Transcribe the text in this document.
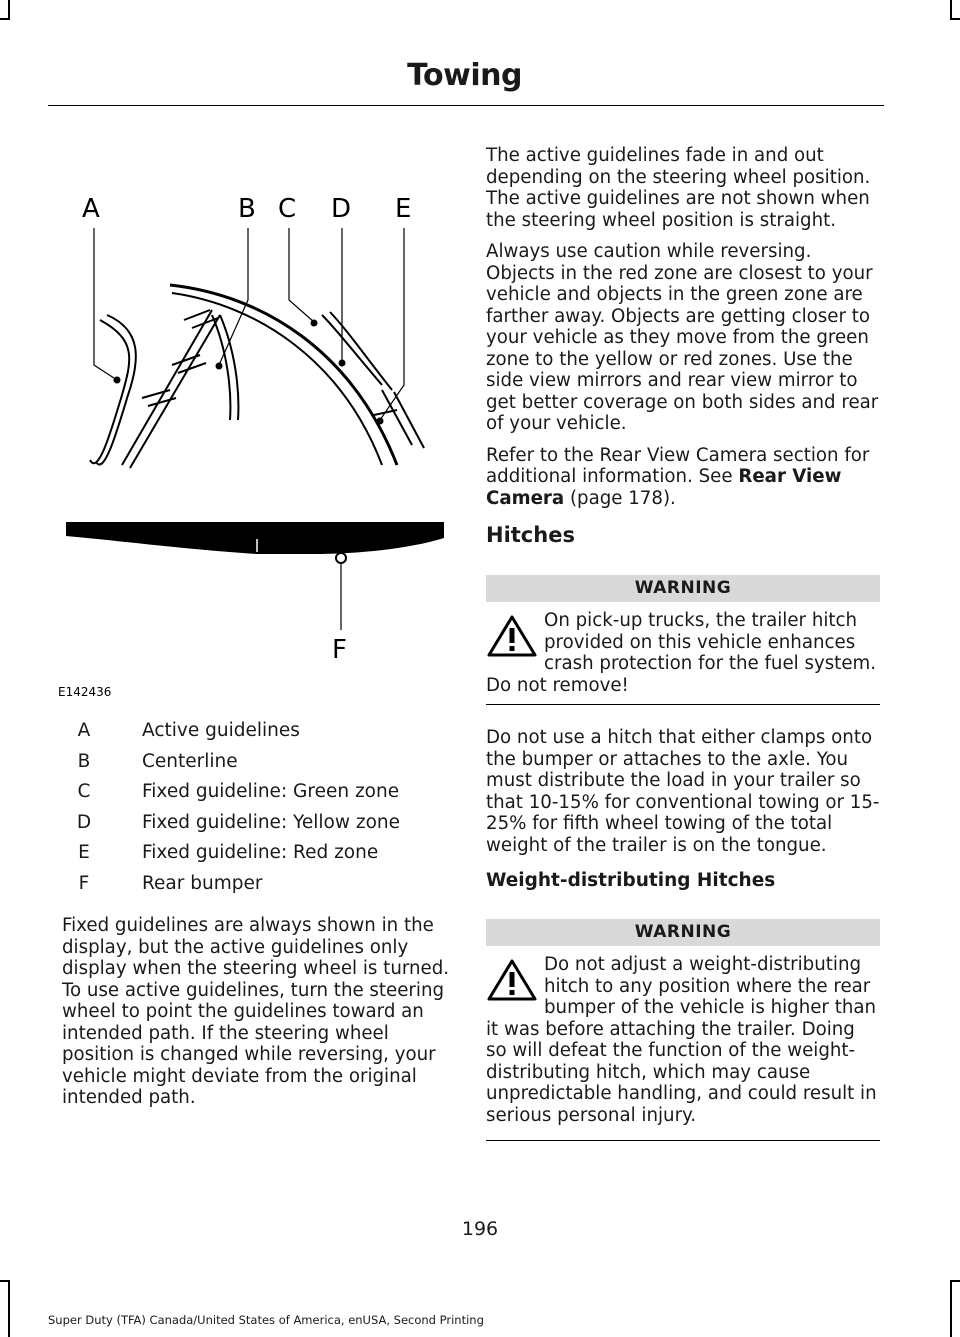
Towing
A	B C D E
F
E142436
A	Active guidelines
B	Centerline
C	Fixed guideline: Green zone
D	Fixed guideline: Yellow zone
E	Fixed guideline: Red zone
F	Rear bumper

Fixed guidelines are always shown in the display, but the active guidelines only display when the steering wheel is turned. To use active guidelines, turn the steering wheel to point the guidelines toward an intended path. If the steering wheel position is changed while reversing, your vehicle might deviate from the original intended path.

The active guidelines fade in and out depending on the steering wheel position. The active guidelines are not shown when the steering wheel position is straight.

Always use caution while reversing. Objects in the red zone are closest to your vehicle and objects in the green zone are farther away. Objects are getting closer to your vehicle as they move from the green zone to the yellow or red zones. Use the side view mirrors and rear view mirror to get better coverage on both sides and rear of your vehicle.

Refer to the Rear View Camera section for additional information. See Rear View Camera (page 178).

Hitches
WARNING
On pick-up trucks, the trailer hitch provided on this vehicle enhances crash protection for the fuel system. Do not remove!

Do not use a hitch that either clamps onto the bumper or attaches to the axle. You must distribute the load in your trailer so that 10-15% for conventional towing or 15-25% for fifth wheel towing of the total weight of the trailer is on the tongue.

Weight-distributing Hitches
WARNING
Do not adjust a weight-distributing hitch to any position where the rear bumper of the vehicle is higher than it was before attaching the trailer. Doing so will defeat the function of the weight-distributing hitch, which may cause unpredictable handling, and could result in serious personal injury.
196
Super Duty (TFA) Canada/United States of America, enUSA, Second Printing
